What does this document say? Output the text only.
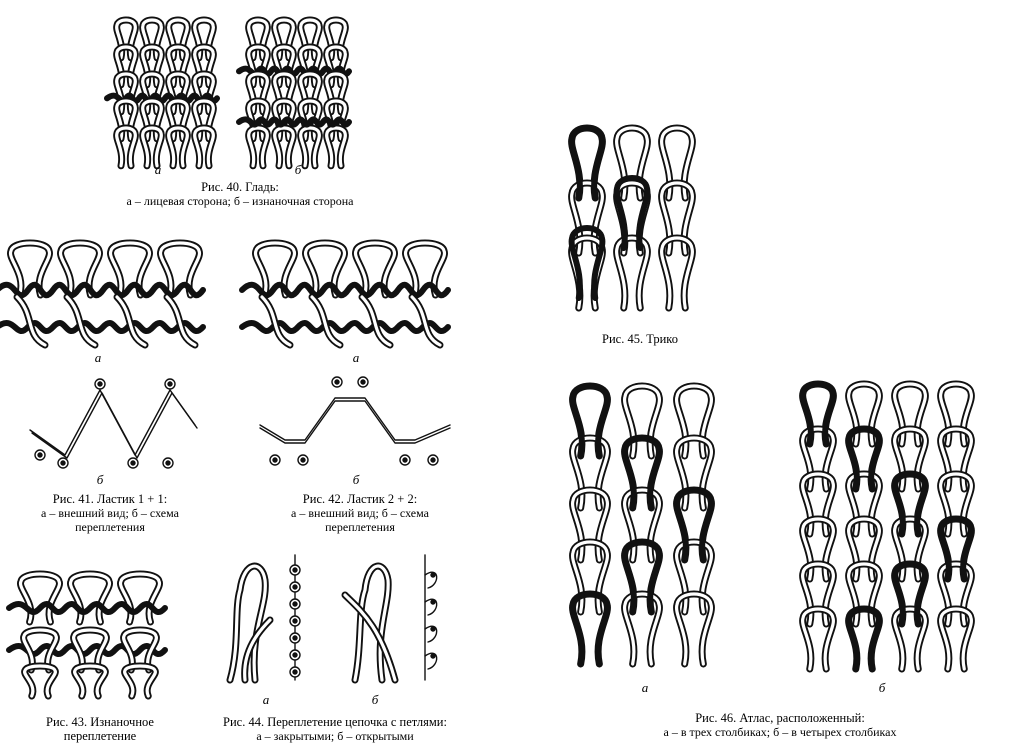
а	б
Рис. 40. Гладь:
а – лицевая сторона; б – изнаночная сторона
а
б
Рис. 41. Ластик 1 + 1:
а – внешний вид; б – схема
переплетения
а
б
Рис. 42. Ластик 2 + 2:
а – внешний вид; б – схема
переплетения
Рис. 43. Изнаночное
переплетение
а	б
Рис. 44. Переплетение цепочка с петлями:
а – закрытыми; б – открытыми
Рис. 45. Трико
а	б
Рис. 46. Атлас, расположенный:
а – в трех столбиках; б – в четырех столбиках
